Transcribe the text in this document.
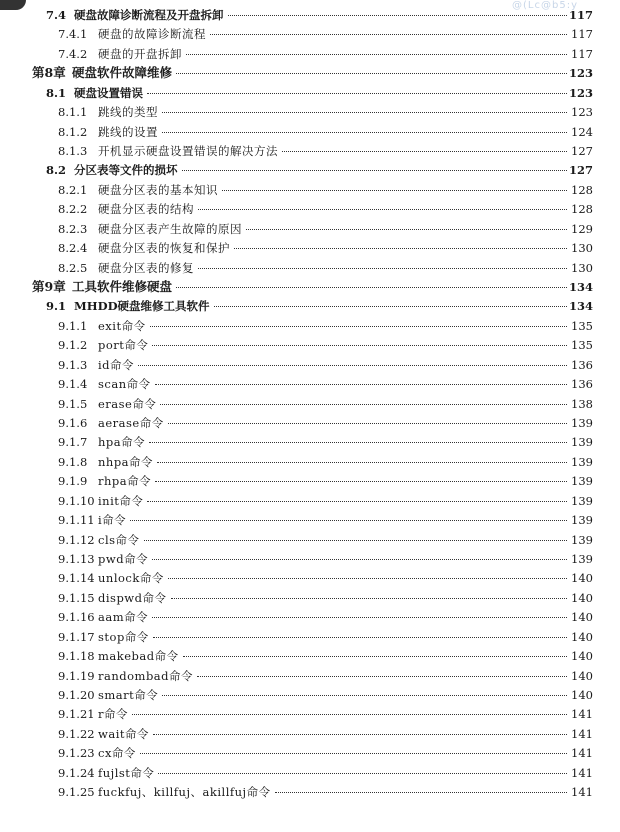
@(Lc@b5:y
7.4 硬盘故障诊断流程及开盘拆卸	117
7.4.1 硬盘的故障诊断流程	117
7.4.2 硬盘的开盘拆卸	117
第8章 硬盘软件故障维修	123
8.1 硬盘设置错误	123
8.1.1 跳线的类型	123
8.1.2 跳线的设置	124
8.1.3 开机显示硬盘设置错误的解决方法	127
8.2 分区表等文件的损坏	127
8.2.1 硬盘分区表的基本知识	128
8.2.2 硬盘分区表的结构	128
8.2.3 硬盘分区表产生故障的原因	129
8.2.4 硬盘分区表的恢复和保护	130
8.2.5 硬盘分区表的修复	130
第9章 工具软件维修硬盘	134
9.1 MHDD硬盘维修工具软件	134
9.1.1 exit命令	135
9.1.2 port命令	135
9.1.3 id命令	136
9.1.4 scan命令	136
9.1.5 erase命令	138
9.1.6 aerase命令	139
9.1.7 hpa命令	139
9.1.8 nhpa命令	139
9.1.9 rhpa命令	139
9.1.10 init命令	139
9.1.11 i命令	139
9.1.12 cls命令	139
9.1.13 pwd命令	139
9.1.14 unlock命令	140
9.1.15 dispwd命令	140
9.1.16 aam命令	140
9.1.17 stop命令	140
9.1.18 makebad命令	140
9.1.19 randombad命令	140
9.1.20 smart命令	140
9.1.21 r命令	141
9.1.22 wait命令	141
9.1.23 cx命令	141
9.1.24 fujlst命令	141
9.1.25 fuckfuj、killfuj、akillfuj命令	141
